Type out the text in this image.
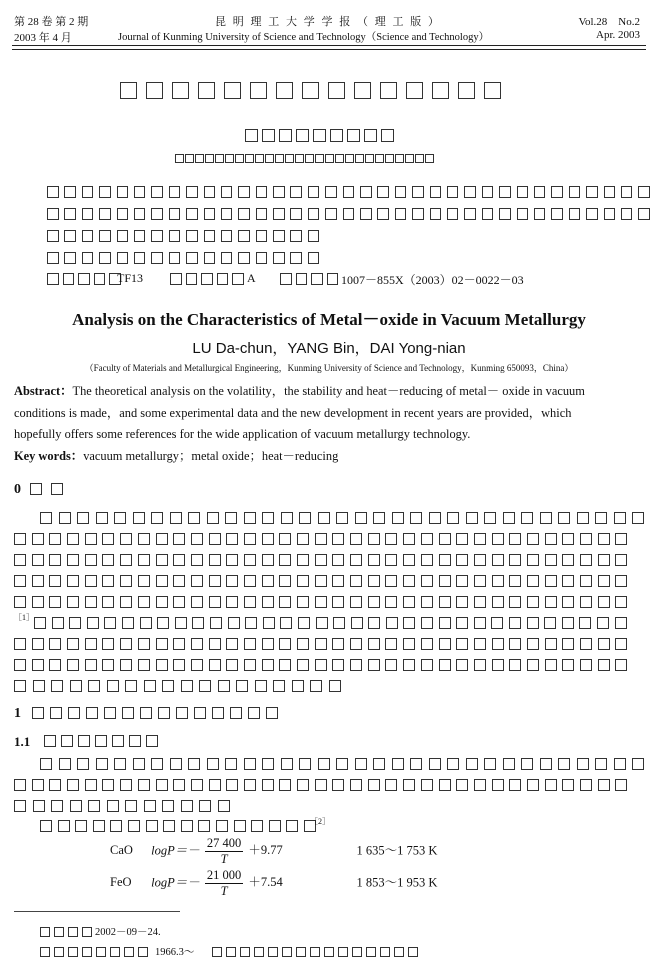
第 28 卷 第 2 期
2003 年 4 月
昆 明 理 工 大 学 学 报 （ 理 工 版 ）
Journal of Kunming University of Science and Technology（Science and Technology）
Vol.28　No.2
Apr. 2003
TF13	A	1007－855X（2003）02－0022－03
Analysis on the Characteristics of Metal－oxide in Vacuum Metallurgy
LU Da-chun，YANG Bin，DAI Yong-nian
（Faculty of Materials and Metallurgical Engineering，Kunming University of Science and Technology，Kunming 650093，China）
Abstract：The theoretical analysis on the volatility，the stability and heat－reducing of metal－ oxide in vacuum
conditions is made，and some experimental data and the new development in recent years are provided，which
hopefully offers some references for the wide application of vacuum metallurgy technology.
Key words：vacuum metallurgy；metal oxide；heat－reducing
0
［1］
1
1.1
［2］
CaO $\log P=- \frac{27 400}{T} +9.77$	1 635～1 753 K
FeO $\log P=- \frac{21 000}{T} +7.54$	1 853～1 953 K
2002－09－24.
1966.3～
